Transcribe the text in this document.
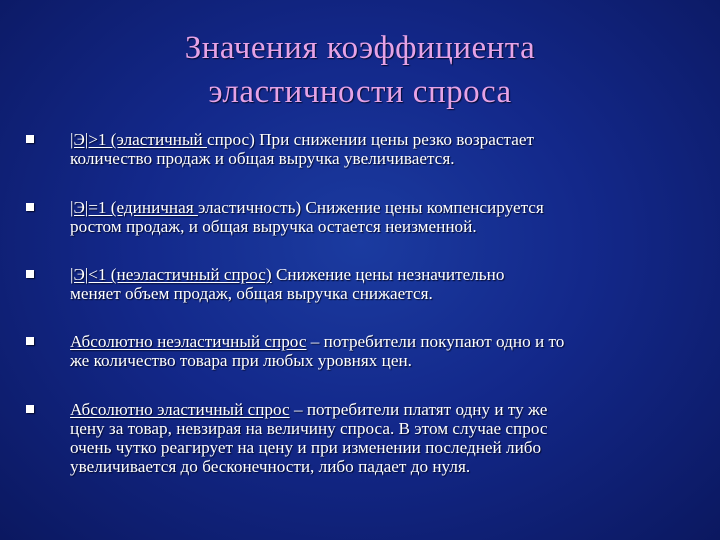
Значения коэффициента
эластичности спроса
|Э|>1 (эластичный спрос) При снижении цены резко возрастает
количество продаж и общая выручка увеличивается.
|Э|=1 (единичная эластичность) Снижение цены компенсируется
ростом продаж, и общая выручка остается неизменной.
|Э|<1 (неэластичный спрос) Снижение цены незначительно
меняет объем продаж, общая выручка снижается.
Абсолютно неэластичный спрос – потребители покупают одно и то
же количество товара при любых уровнях цен.
Абсолютно эластичный спрос – потребители платят одну и ту же
цену за товар, невзирая на величину спроса. В этом случае спрос
очень чутко реагирует на цену и при изменении последней либо
увеличивается до бесконечности, либо падает до нуля.
